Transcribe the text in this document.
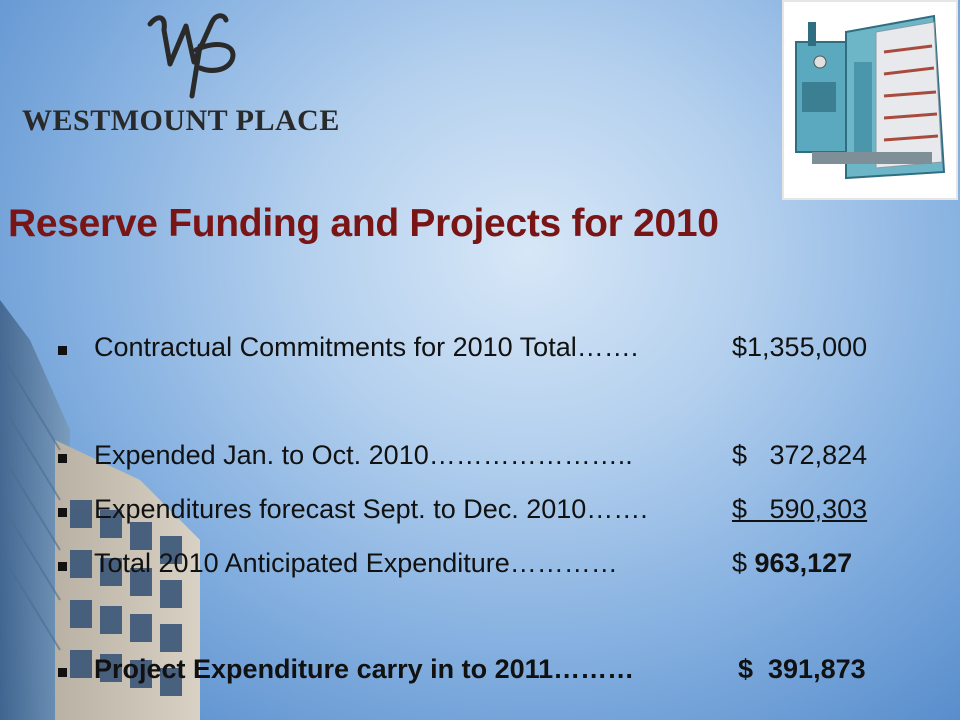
WESTMOUNT PLACE
Reserve Funding and Projects for 2010
Contractual Commitments for 2010 Total…….	$1,355,000
Expended Jan. to Oct. 2010…………………..	$   372,824
Expenditures forecast Sept. to Dec. 2010…….	$   590,303
Total 2010 Anticipated Expenditure…………	$ 963,127
Project Expenditure carry in to 2011………	$  391,873
